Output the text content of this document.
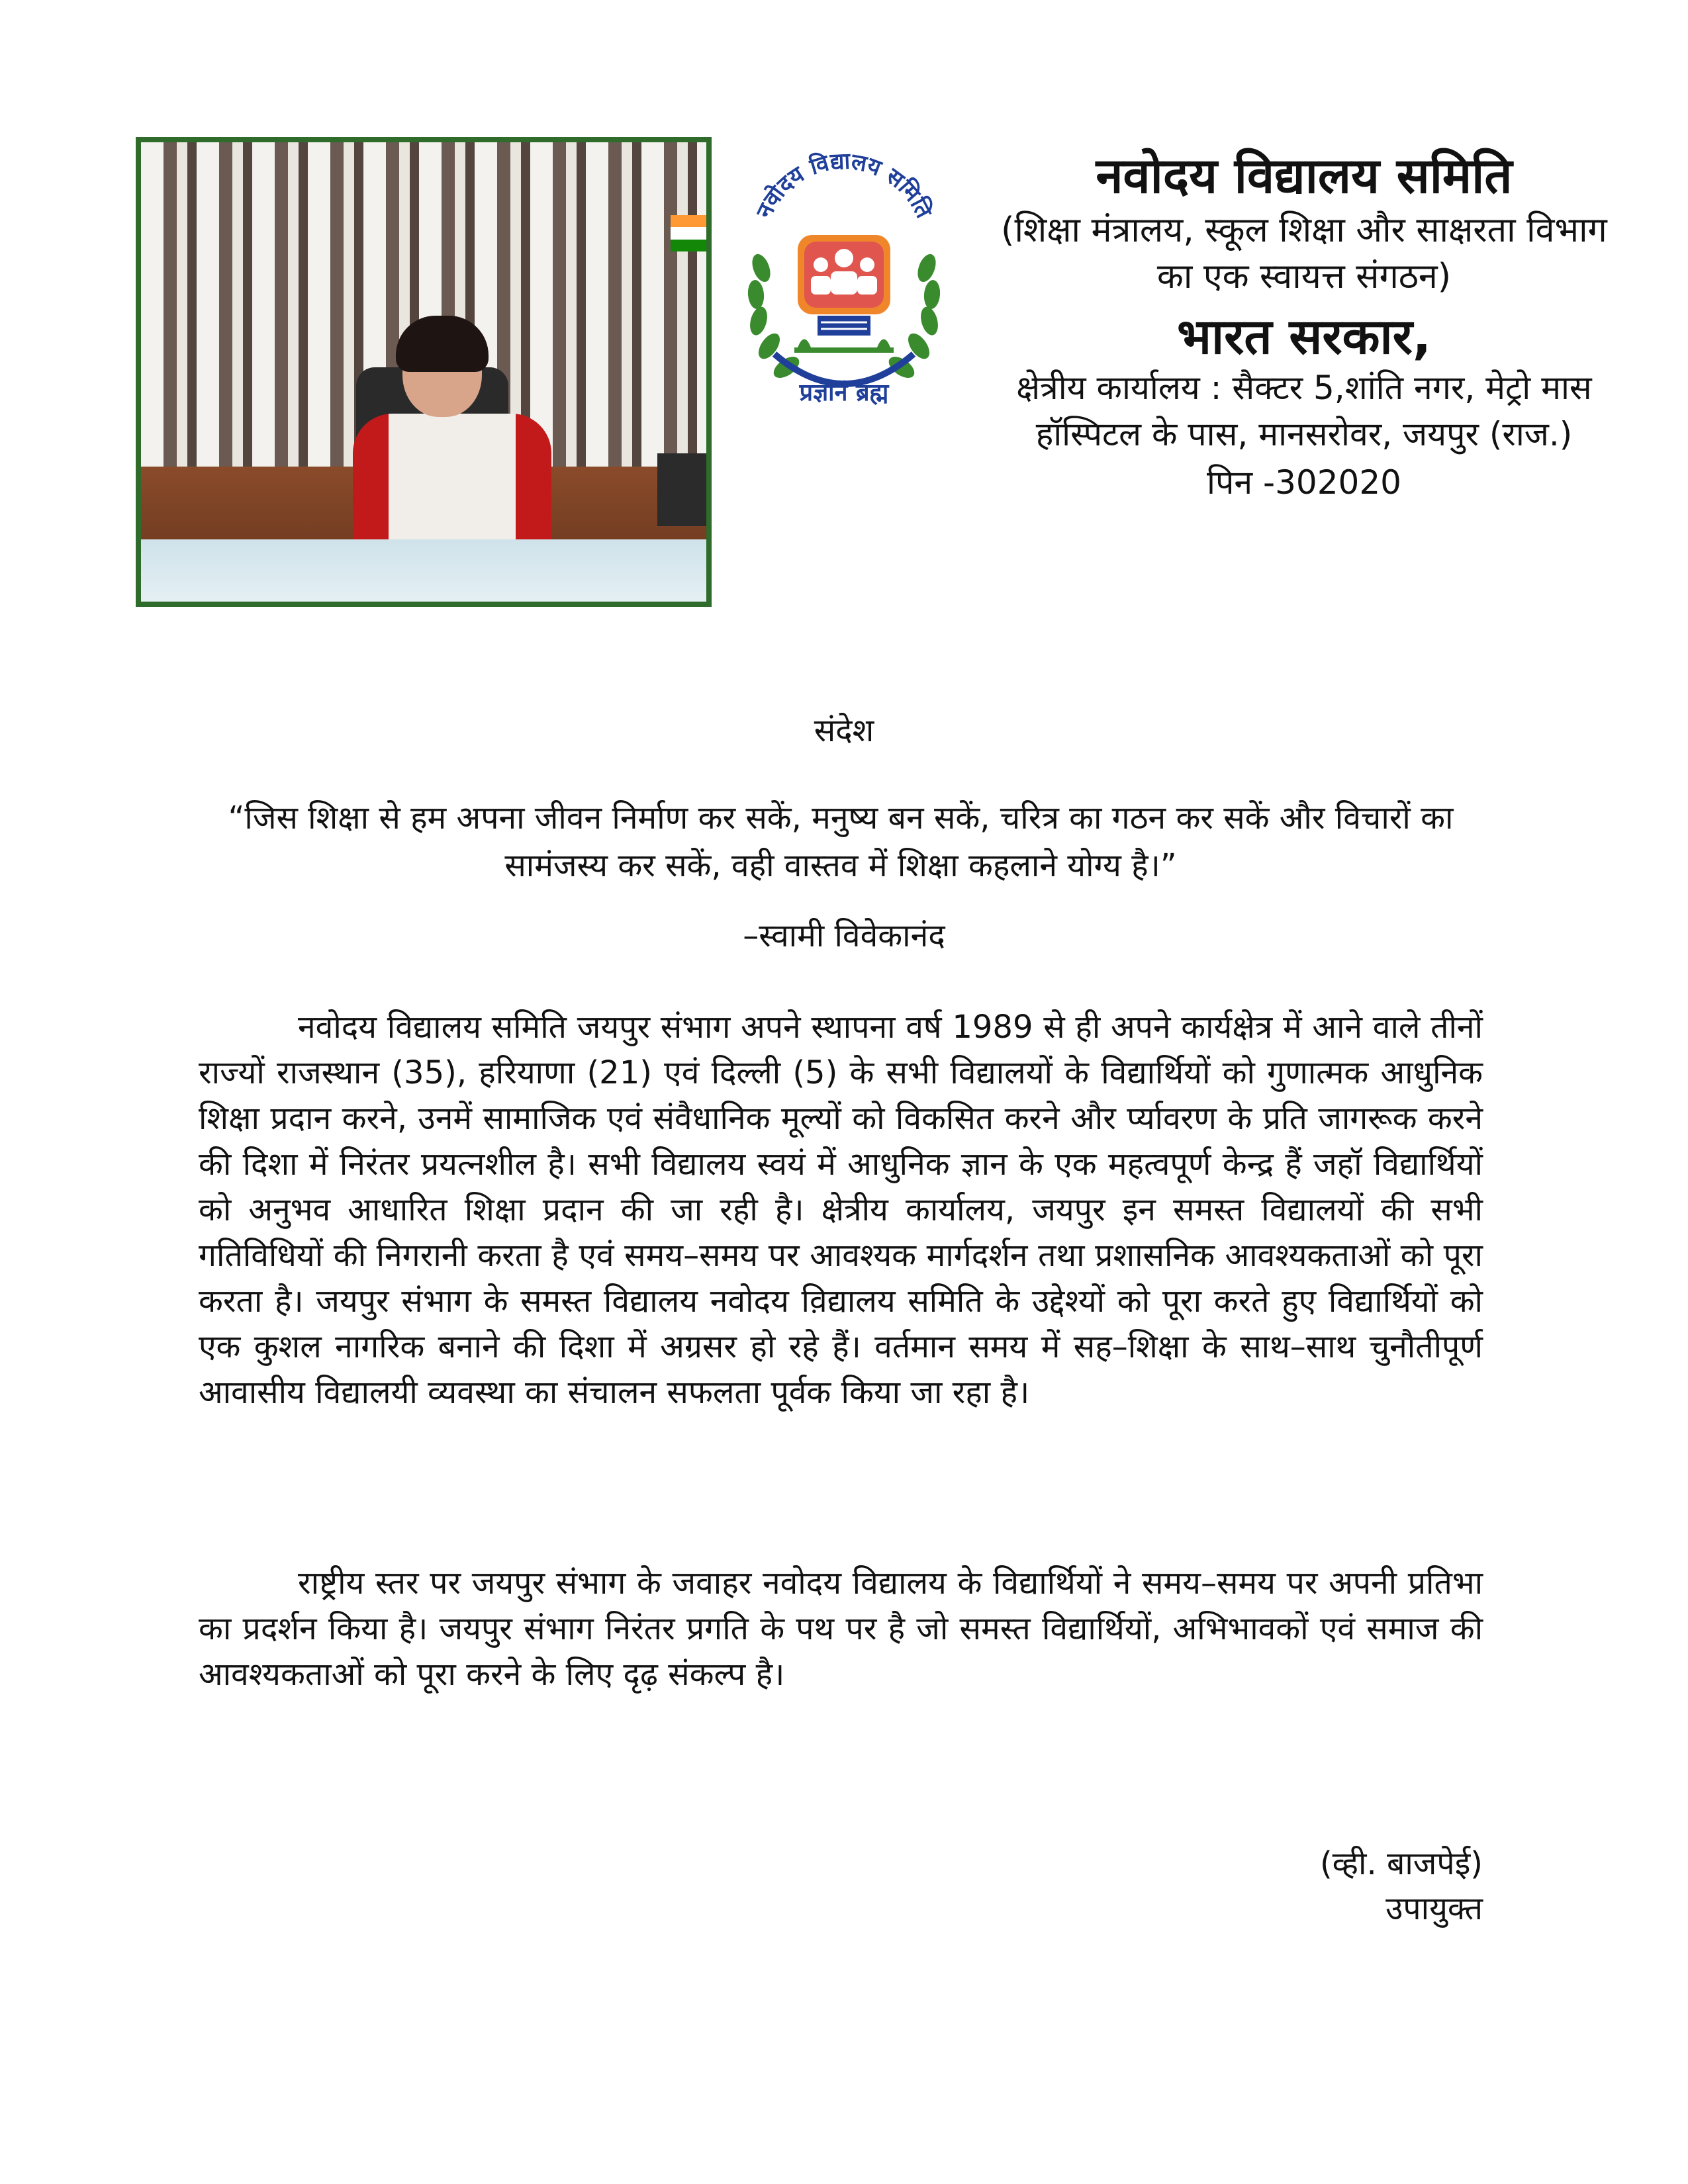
नवोदय विद्यालय समिति
प्रज्ञानं ब्रह्म
नवोदय विद्यालय समिति
(शिक्षा मंत्रालय, स्कूल शिक्षा और साक्षरता विभाग
का एक स्वायत्त संगठन)
भारत सरकार,
क्षेत्रीय कार्यालय : सैक्टर 5,शांति नगर, मेट्रो मास
हॉस्पिटल के पास, मानसरोवर, जयपुर (राज.)
पिन -302020
संदेश
“जिस शिक्षा से हम अपना जीवन निर्माण कर सकें, मनुष्य बन सकें, चरित्र का गठन कर सकें और विचारों का सामंजस्य कर सकें, वही वास्तव में शिक्षा कहलाने योग्य है।”
–स्वामी विवेकानंद
नवोदय विद्यालय समिति जयपुर संभाग अपने स्थापना वर्ष 1989 से ही अपने कार्यक्षेत्र में आने वाले तीनों राज्यों राजस्थान (35), हरियाणा (21) एवं दिल्ली (5) के सभी विद्यालयों के विद्यार्थियों को गुणात्मक आधुनिक शिक्षा प्रदान करने, उनमें सामाजिक एवं संवैधानिक मूल्यों को विकसित करने और र्प्यावरण के प्रति जागरूक करने की दिशा में निरंतर प्रयत्नशील है। सभी विद्यालय स्वयं में आधुनिक ज्ञान के एक महत्वपूर्ण केन्द्र हैं जहॉ विद्यार्थियों को अनुभव आधारित शिक्षा प्रदान की जा रही है। क्षेत्रीय कार्यालय, जयपुर इन समस्त विद्यालयों की सभी गतिविधियों की निगरानी करता है एवं समय–समय पर आवश्यक मार्गदर्शन तथा प्रशासनिक आवश्यकताओं को पूरा करता है। जयपुर संभाग के समस्त विद्यालय नवोदय व़िद्यालय समिति के उद्देश्यों को पूरा करते हुए विद्यार्थियों को एक कुशल नागरिक बनाने की दिशा में अग्रसर हो रहे हैं। वर्तमान समय में सह–शिक्षा के साथ–साथ चुनौतीपूर्ण आवासीय विद्यालयी व्यवस्था का संचालन सफलता पूर्वक किया जा रहा है।
राष्ट्रीय स्तर पर जयपुर संभाग के जवाहर नवोदय विद्यालय के विद्यार्थियों ने समय–समय पर अपनी प्रतिभा का प्रदर्शन किया है। जयपुर संभाग निरंतर प्रगति के पथ पर है जो समस्त विद्यार्थियों, अभिभावकों एवं समाज की आवश्यकताओं को पूरा करने के लिए दृढ़ संकल्प है।
(व्ही. बाजपेई)
उपायुक्त
